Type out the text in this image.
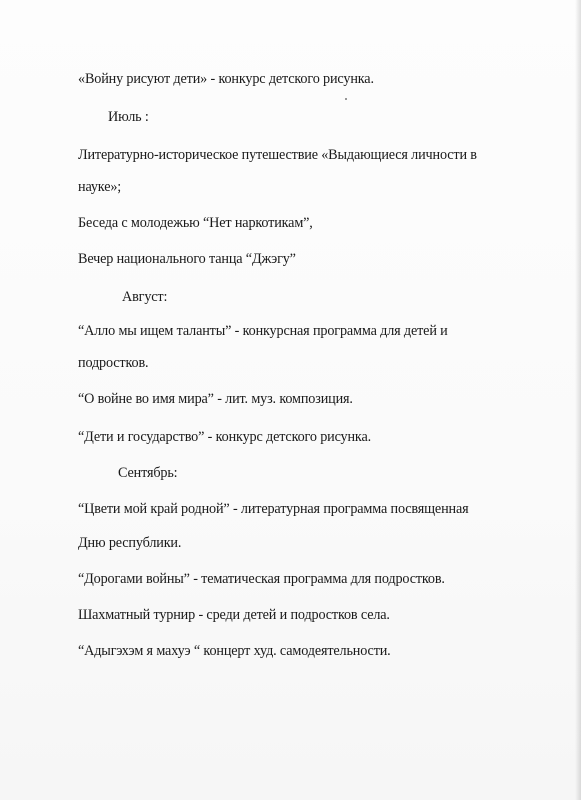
«Войну рисуют дети» - конкурс детского рисунка.
Июль :
Литературно-историческое путешествие «Выдающиеся личности в
науке»;
Беседа с молодежью “Нет наркотикам”,
Вечер национального танца “Джэгу”
Август:
“Алло мы ищем таланты” - конкурсная программа для детей и
подростков.
“О войне во имя мира” - лит. муз. композиция.
“Дети и государство” - конкурс детского рисунка.
Сентябрь:
“Цвети мой край родной” - литературная программа посвященная
Дню республики.
“Дорогами войны” - тематическая программа для подростков.
Шахматный турнир - среди детей и подростков села.
“Адыгэхэм я махуэ “ концерт худ. самодеятельности.
